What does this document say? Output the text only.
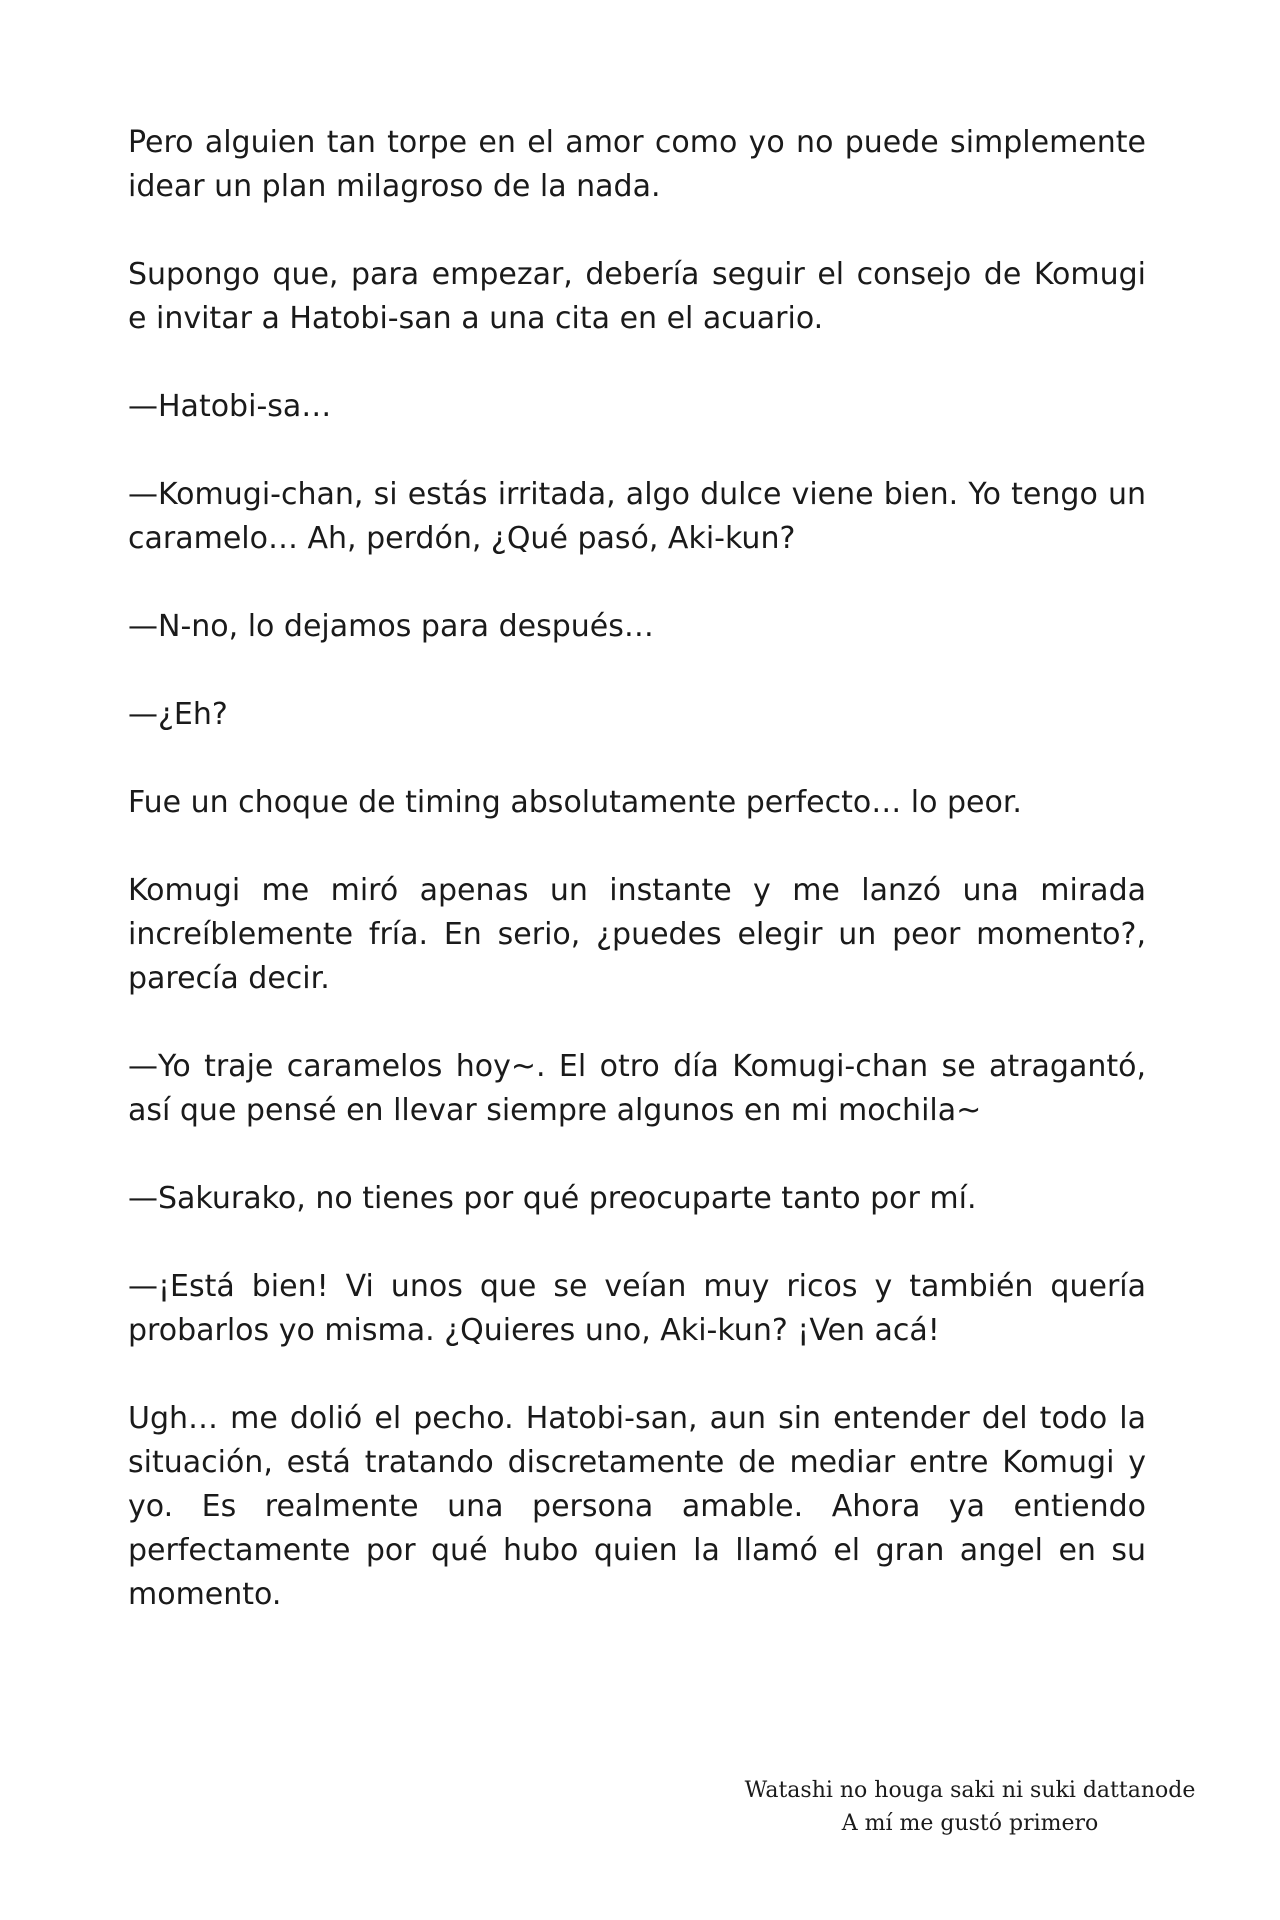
Pero alguien tan torpe en el amor como yo no puede simplemente idear un plan milagroso de la nada.

Supongo que, para empezar, debería seguir el consejo de Komugi e invitar a Hatobi-san a una cita en el acuario.

—Hatobi-sa…

—Komugi-chan, si estás irritada, algo dulce viene bien. Yo tengo un caramelo… Ah, perdón, ¿Qué pasó, Aki-kun?

—N-no, lo dejamos para después…

—¿Eh?

Fue un choque de timing absolutamente perfecto… lo peor.

Komugi me miró apenas un instante y me lanzó una mirada increíblemente fría. En serio, ¿puedes elegir un peor momento?, parecía decir.

—Yo traje caramelos hoy~. El otro día Komugi-chan se atragantó, así que pensé en llevar siempre algunos en mi mochila~

—Sakurako, no tienes por qué preocuparte tanto por mí.

—¡Está bien! Vi unos que se veían muy ricos y también quería probarlos yo misma. ¿Quieres uno, Aki-kun? ¡Ven acá!

Ugh… me dolió el pecho. Hatobi-san, aun sin entender del todo la situación, está tratando discretamente de mediar entre Komugi y yo. Es realmente una persona amable. Ahora ya entiendo perfectamente por qué hubo quien la llamó el gran angel en su momento.

Watashi no houga saki ni suki dattanode
A mí me gustó primero
